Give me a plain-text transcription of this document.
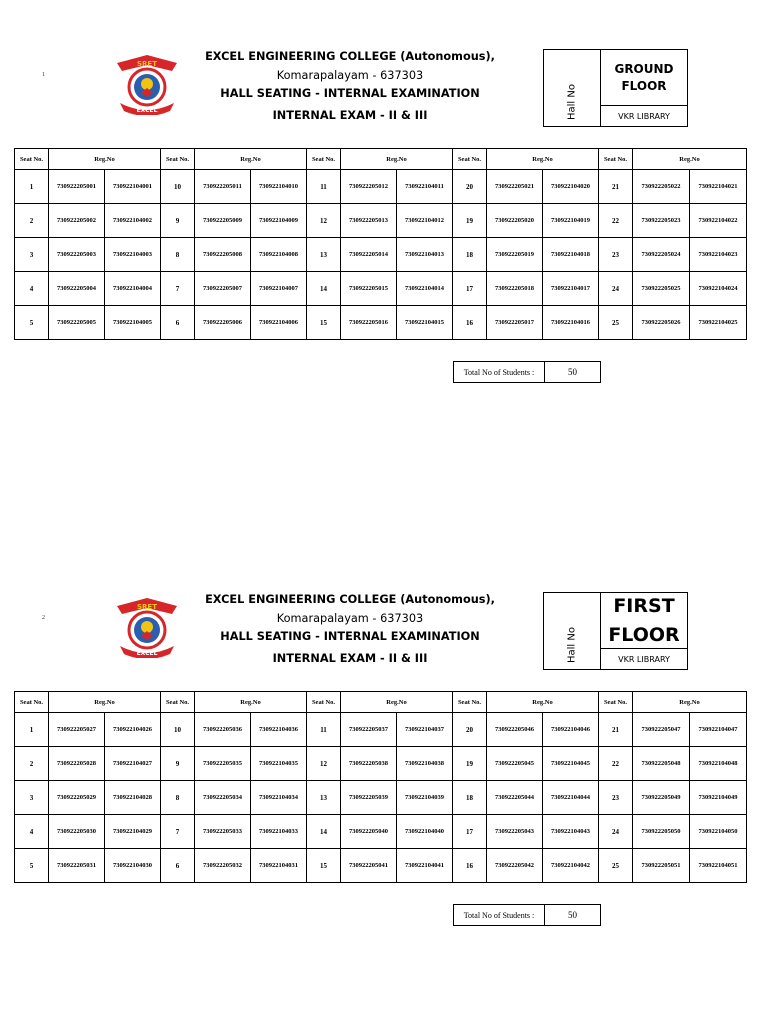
1
SRET
EXCEL
EXCEL ENGINEERING COLLEGE (Autonomous),
Komarapalayam - 637303
HALL SEATING - INTERNAL EXAMINATION
INTERNAL EXAM - II & III	Hall No
GROUND
FLOOR
VKR LIBRARY
Seat No.	Reg.No		Seat No.	Reg.No		Seat No.	Reg.No		Seat No.	Reg.No		Seat No.	Reg.No	
1	730922205001	730922104001	10	730922205011	730922104010	11	730922205012	730922104011	20	730922205021	730922104020	21	730922205022	730922104021
2	730922205002	730922104002	9	730922205009	730922104009	12	730922205013	730922104012	19	730922205020	730922104019	22	730922205023	730922104022
3	730922205003	730922104003	8	730922205008	730922104008	13	730922205014	730922104013	18	730922205019	730922104018	23	730922205024	730922104023
4	730922205004	730922104004	7	730922205007	730922104007	14	730922205015	730922104014	17	730922205018	730922104017	24	730922205025	730922104024
5	730922205005	730922104005	6	730922205006	730922104006	15	730922205016	730922104015	16	730922205017	730922104016	25	730922205026	730922104025
Total No of Students :	50
2
SRET
EXCEL
EXCEL ENGINEERING COLLEGE (Autonomous),
Komarapalayam - 637303
HALL SEATING - INTERNAL EXAMINATION
INTERNAL EXAM - II & III	Hall No
FIRST
FLOOR
VKR LIBRARY
Seat No.	Reg.No		Seat No.	Reg.No		Seat No.	Reg.No		Seat No.	Reg.No		Seat No.	Reg.No	
1	730922205027	730922104026	10	730922205036	730922104036	11	730922205037	730922104037	20	730922205046	730922104046	21	730922205047	730922104047
2	730922205028	730922104027	9	730922205035	730922104035	12	730922205038	730922104038	19	730922205045	730922104045	22	730922205048	730922104048
3	730922205029	730922104028	8	730922205034	730922104034	13	730922205039	730922104039	18	730922205044	730922104044	23	730922205049	730922104049
4	730922205030	730922104029	7	730922205033	730922104033	14	730922205040	730922104040	17	730922205043	730922104043	24	730922205050	730922104050
5	730922205031	730922104030	6	730922205032	730922104031	15	730922205041	730922104041	16	730922205042	730922104042	25	730922205051	730922104051
Total No of Students :	50
